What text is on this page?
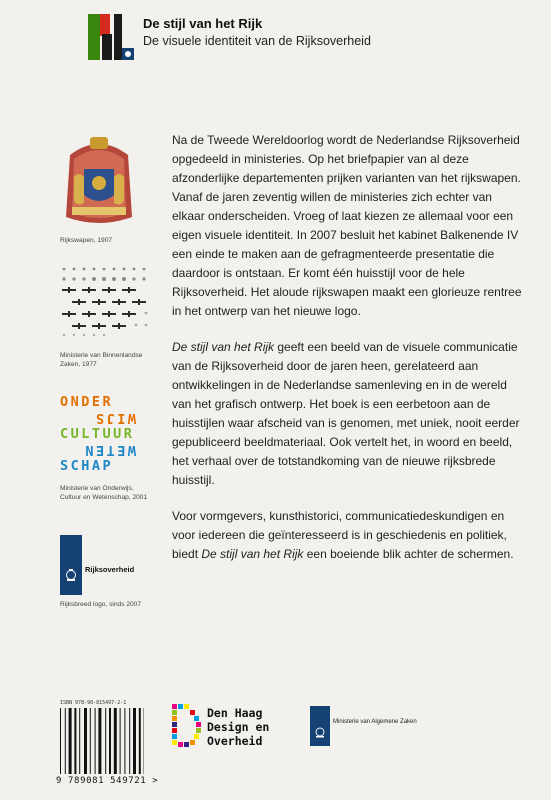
De stijl van het Rijk
De visuele identiteit van de Rijksoverheid
Rijkswapen, 1907
Ministerie van Binnenlandse
Zaken, 1977
ONDER
WIJS
CULTUUR
WETEN
SCHAP
Ministerie van Onderwijs,
Cultuur en Wetenschap, 2001
Rijksoverheid
Rijksbreed logo, sinds 2007

Na de Tweede Wereldoorlog wordt de Nederlandse Rijksoverheid opgedeeld in ministeries. Op het briefpapier van al deze afzonderlijke departementen prijken varianten van het rijkswapen. Vanaf de jaren zeventig willen de ministeries zich echter van elkaar onderscheiden. Vroeg of laat kiezen ze allemaal voor een eigen visuele identiteit. In 2007 besluit het kabinet Balkenende IV een einde te maken aan de gefragmenteerde presentatie die daardoor is ontstaan. Er komt één huisstijl voor de hele Rijksoverheid. Het aloude rijkswapen maakt een glorieuze rentree in het ontwerp van het nieuwe logo.

De stijl van het Rijk geeft een beeld van de visuele communicatie van de Rijksoverheid door de jaren heen, gerelateerd aan ontwikkelingen in de Nederlandse samenleving en in de wereld van het grafisch ontwerp. Het boek is een eerbetoon aan de huisstijlen waar afscheid van is genomen, met uniek, nooit eerder gepubliceerd beeldmateriaal. Ook vertelt het, in woord en beeld, het verhaal over de totstandkoming van de nieuwe rijksbrede huisstijl.

Voor vormgevers, kunsthistorici, communicatiedeskundigen en voor iedereen die geïnteresseerd is in geschiedenis en politiek, biedt De stijl van het Rijk een boeiende blik achter de schermen.

ISBN 978-90-815497-2-1
9 789081 549721 >
Den Haag
Design en
Overheid
Ministerie van Algemene Zaken
